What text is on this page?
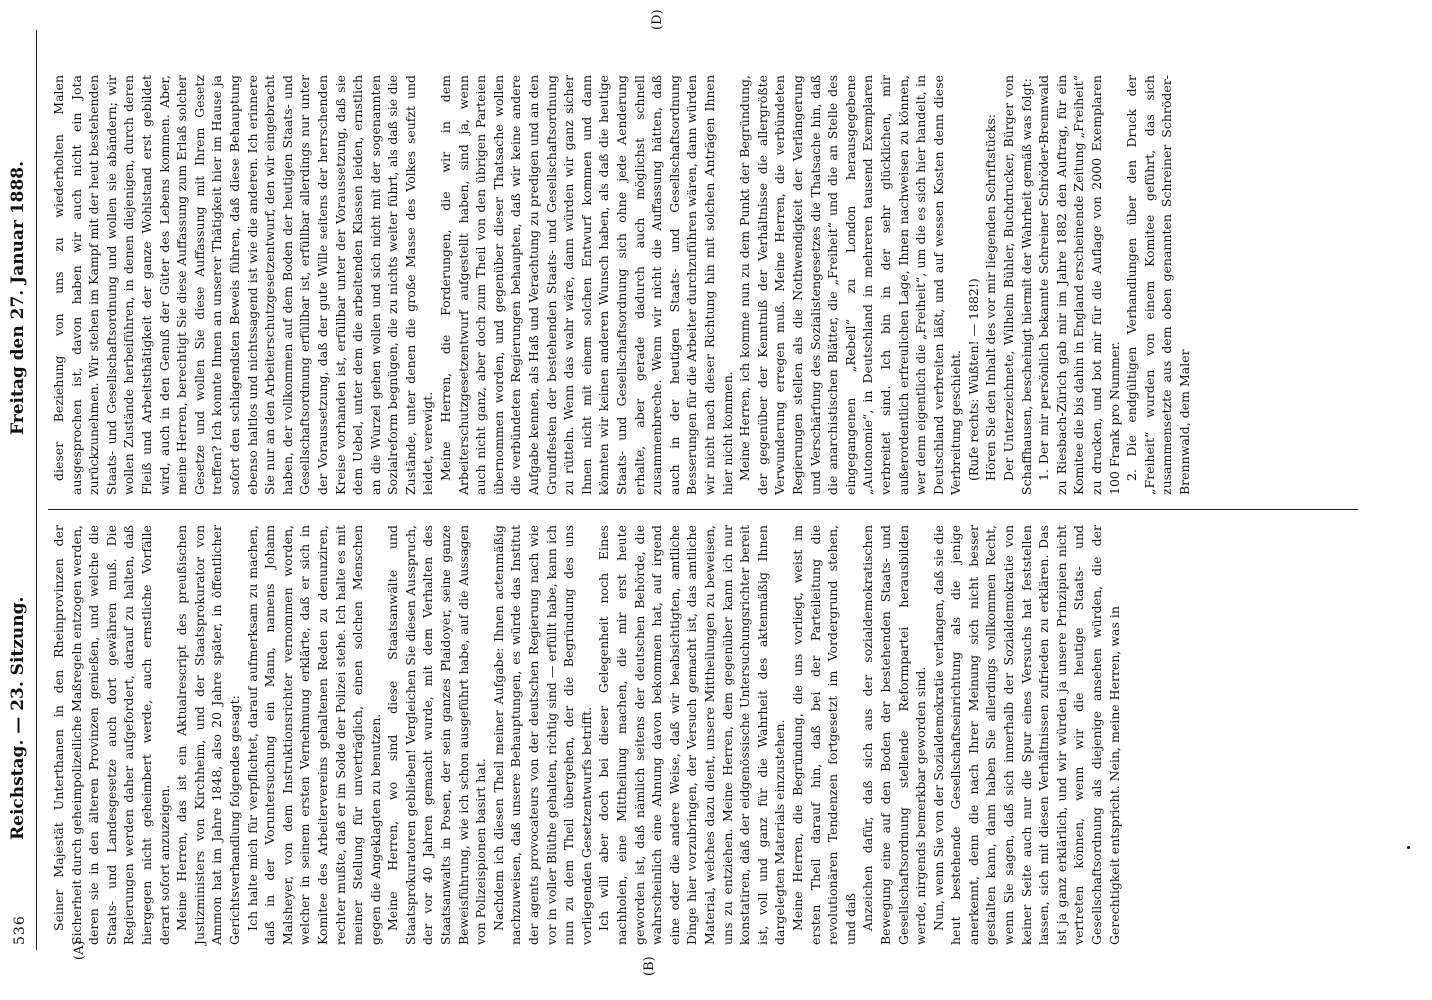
536
Reichstag. — 23. Sitzung.
Freitag den 27. Januar 1888.
(A)
(B)
(D)

Seiner Majestät Unterthanen in den Rheinprovinzen der Sicherheit durch geheimpolizeiliche Maßregeln entzogen werden, deren sie in den älteren Provinzen genießen, und welche die Staats- und Landesgesetze auch dort gewähren muß. Die Regierungen werden daher aufgefordert, darauf zu halten, daß hiergegen nicht geheimbert werde, auch ernstliche Vorfälle derart sofort anzuzeigen. Meine Herren, das ist ein Aktualrescript des preußischen Justizministers von Kirchheim, und der Staatsprokurator von Ammon hat im Jahre 1848, also 20 Jahre später, in öffentlicher Gerichtsverhandlung folgendes gesagt: Ich halte mich für verpflichtet, darauf aufmerksam zu machen, daß in der Voruntersuchung ein Mann, namens Johann Malsheyer, von dem Instruktionsrichter vernommen worden, welcher in seinem ersten Vernehmung erklärte, daß er sich in Komitee des Arbeitervereins gehaltenen Reden zu denunziren, rechter mußte, daß er im Solde der Polizei stehe. Ich halte es mit meiner Stellung für unverträglich, einen solchen Menschen gegen die Angeklagten zu benutzen. Meine Herren, wo sind diese Staatsanwälte und Staatsprokuratoren geblieben! Vergleichen Sie diesen Ausspruch, der vor 40 Jahren gemacht wurde, mit dem Verhalten des Staatsanwalts in Posen, der sein ganzes Plaidoyer, seine ganze Beweisführung, wie ich schon ausgeführt habe, auf die Aussagen von Polizeispionen basirt hat. Nachdem ich diesen Theil meiner Aufgabe: Ihnen actenmäßig nachzuweisen, daß unsere Behauptungen, es würde das Institut der agents provocateurs von der deutschen Regierung nach wie vor in voller Blüthe gehalten, richtig sind — erfüllt habe, kann ich nun zu dem Theil übergehen, der die Begründung des uns vorliegenden Gesetzentwurfs betrifft. Ich will aber doch bei dieser Gelegenheit noch Eines nachholen, eine Mittheilung machen, die mir erst heute geworden ist, daß nämlich seitens der deutschen Behörde, die wahrscheinlich eine Ahnung davon bekommen hat, auf irgend eine oder die andere Weise, daß wir beabsichtigten, amtliche Dinge hier vorzubringen, der Versuch gemacht ist, das amtliche Material, welches dazu dient, unsere Mittheilungen zu beweisen, uns zu entziehen. Meine Herren, dem gegenüber kann ich nur konstatiren, daß der eidgenössische Untersuchungsrichter bereit ist, voll und ganz für die Wahrheit des aktenmäßig Ihnen dargelegten Materials einzustehen. Meine Herren, die Begründung, die uns vorliegt, weist im ersten Theil darauf hin, daß bei der Parteileitung die revolutionären Tendenzen fortgesetzt im Vordergrund stehen, und daß Anzeichen dafür, daß sich aus der sozialdemokratischen Bewegung eine auf den Boden der bestehenden Staats- und Gesellschaftsordnung stellende Reformpartei herausbilden werde, nirgends bemerkbar geworden sind. Nun, wenn Sie von der Sozialdemokratie verlangen, daß sie die heut bestehende Gesellschaftseinrichtung als die jenige anerkennt, denn die nach Ihrer Meinung sich nicht besser gestalten kann, dann haben Sie allerdings vollkommen Recht, wenn Sie sagen, daß sich innerhalb der Sozialdemokratie von keiner Seite auch nur die Spur eines Versuchs hat feststellen lassen, sich mit diesen Verhältnissen zufrieden zu erklären. Das ist ja ganz erklärlich, und wir würden ja unsere Prinzipien nicht vertreten können, wenn wir die heutige Staats- und Gesellschaftsordnung als diejenige ansehen würden, die der Gerechtigkeit entspricht. Nein, meine Herren, was in

dieser Beziehung von uns zu wiederholten Malen ausgesprochen ist, davon haben wir auch nicht ein Jota zurückzunehmen. Wir stehen im Kampf mit der heut bestehenden Staats- und Gesellschaftsordnung und wollen sie abändern; wir wollen Zustände herbeiführen, in denen diejenigen, durch deren Fleiß und Arbeitsthätigkeit der ganze Wohlstand erst gebildet wird, auch in den Genuß der Güter des Lebens kommen. Aber, meine Herren, berechtigt Sie diese Auffassung zum Erlaß solcher Gesetze und wollen Sie diese Auffassung mit Ihrem Gesetz treffen? Ich konnte Ihnen an unserer Thätigkeit hier im Hause ja sofort den schlagendsten Beweis führen, daß diese Behauptung ebenso haltlos und nichtssagend ist wie die anderen. Ich erinnere Sie nur an den Arbeiterschutzgesetzentwurf, den wir eingebracht haben, der vollkommen auf dem Boden der heutigen Staats- und Gesellschaftsordnung erfüllbar ist, erfüllbar allerdings nur unter der Voraussetzung, daß der gute Wille seitens der herrschenden Kreise vorhanden ist, erfüllbar unter der Voraussetzung, daß sie dem Uebel, unter dem die arbeitenden Klassen leiden, ernstlich an die Wurzel gehen wollen und sich nicht mit der sogenannten Sozialreform begnügen, die zu nichts weiter führt, als daß sie die Zustände, unter denen die große Masse des Volkes seufzt und leidet, verewigt. Meine Herren, die Forderungen, die wir in dem Arbeiterschutzgesetzentwurf aufgestellt haben, sind ja, wenn auch nicht ganz, aber doch zum Theil von den übrigen Parteien übernommen worden, und gegenüber dieser Thatsache wollen die verbündeten Regierungen behaupten, daß wir keine andere Aufgabe kennen, als Haß und Verachtung zu predigen und an den Grundfesten der bestehenden Staats- und Gesellschaftsordnung zu rütteln. Wenn das wahr wäre, dann würden wir ganz sicher Ihnen nicht mit einem solchen Entwurf kommen und dann könnten wir keinen anderen Wunsch haben, als daß die heutige Staats- und Gesellschaftsordnung sich ohne jede Aenderung erhalte, aber gerade dadurch auch möglichst schnell zusammenbreche. Wenn wir nicht die Auffassung hätten, daß auch in der heutigen Staats- und Gesellschaftsordnung Besserungen für die Arbeiter durchzuführen wären, dann würden wir nicht nach dieser Richtung hin mit solchen Anträgen Ihnen hier nicht kommen. Meine Herren, ich komme nun zu dem Punkt der Begründung, der gegenüber der Kenntniß der Verhältnisse die allergrößte Verwunderung erregen muß. Meine Herren, die verbündeten Regierungen stellen als die Nothwendigkeit der Verlängerung und Verschärfung des Sozialistengesetzes die Thatsache hin, daß die anarchistischen Blätter, die „Freiheit“ und die an Stelle des eingegangenen „Rebell“ zu London herausgegebene „Autonomie“, in Deutschland in mehreren tausend Exemplaren verbreitet sind. Ich bin in der sehr glücklichen, mir außerordentlich erfreulichen Lage, Ihnen nachweisen zu können, wer denn eigentlich die „Freiheit“, um die es sich hier handelt, in Deutschland verbreiten läßt, und auf wessen Kosten denn diese Verbreitung geschieht. (Rufe rechts: Wüßten! — 1882!) Hören Sie den Inhalt des vor mir liegenden Schriftstücks: Der Unterzeichnete, Wilhelm Bühler, Buchdrucker, Bürger von Schaffhausen, bescheinigt hiermit der Wahrheit gemäß was folgt: 1. Der mir persönlich bekannte Schreiner Schröder-Brennwald zu Riesbach-Zürich gab mir im Jahre 1882 den Auftrag, für ein Komitee die bis dahin in England erscheinende Zeitung „Freiheit“ zu drucken, und bot mir für die Auflage von 2000 Exemplaren 100 Frank pro Nummer. 2. Die endgültigen Verhandlungen über den Druck der „Freiheit“ wurden von einem Komitee geführt, das sich zusammensetzte aus dem oben genannten Schreiner Schröder-Brennwald, dem Maler
